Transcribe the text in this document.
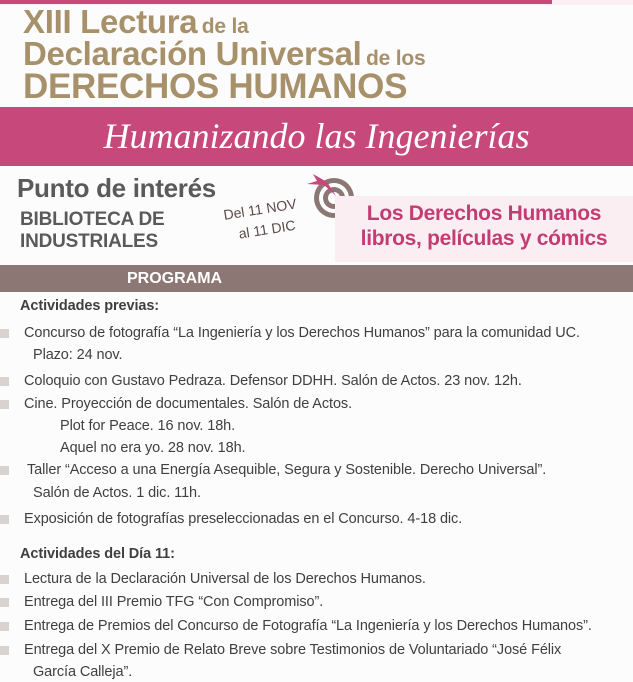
XIII Lectura de la
Declaración Universal de los
DERECHOS HUMANOS
Humanizando las Ingenierías
Punto de interés
BIBLIOTECA DE
INDUSTRIALES
Del 11 NOV
al 11 DIC
Los Derechos Humanos
libros, películas y cómics
PROGRAMA
Actividades previas:
Concurso de fotografía “La Ingeniería y los Derechos Humanos” para la comunidad UC.
Plazo: 24 nov.
Coloquio con Gustavo Pedraza. Defensor DDHH. Salón de Actos. 23 nov. 12h.
Cine. Proyección de documentales. Salón de Actos.
Plot for Peace. 16 nov. 18h.
Aquel no era yo. 28 nov. 18h.
Taller “Acceso a una Energía Asequible, Segura y Sostenible. Derecho Universal”.
Salón de Actos. 1 dic. 11h.
Exposición de fotografías preseleccionadas en el Concurso. 4-18 dic.
Actividades del Día 11:
Lectura de la Declaración Universal de los Derechos Humanos.
Entrega del III Premio TFG “Con Compromiso”.
Entrega de Premios del Concurso de Fotografía “La Ingeniería y los Derechos Humanos”.
Entrega del X Premio de Relato Breve sobre Testimonios de Voluntariado “José Félix
García Calleja”.
